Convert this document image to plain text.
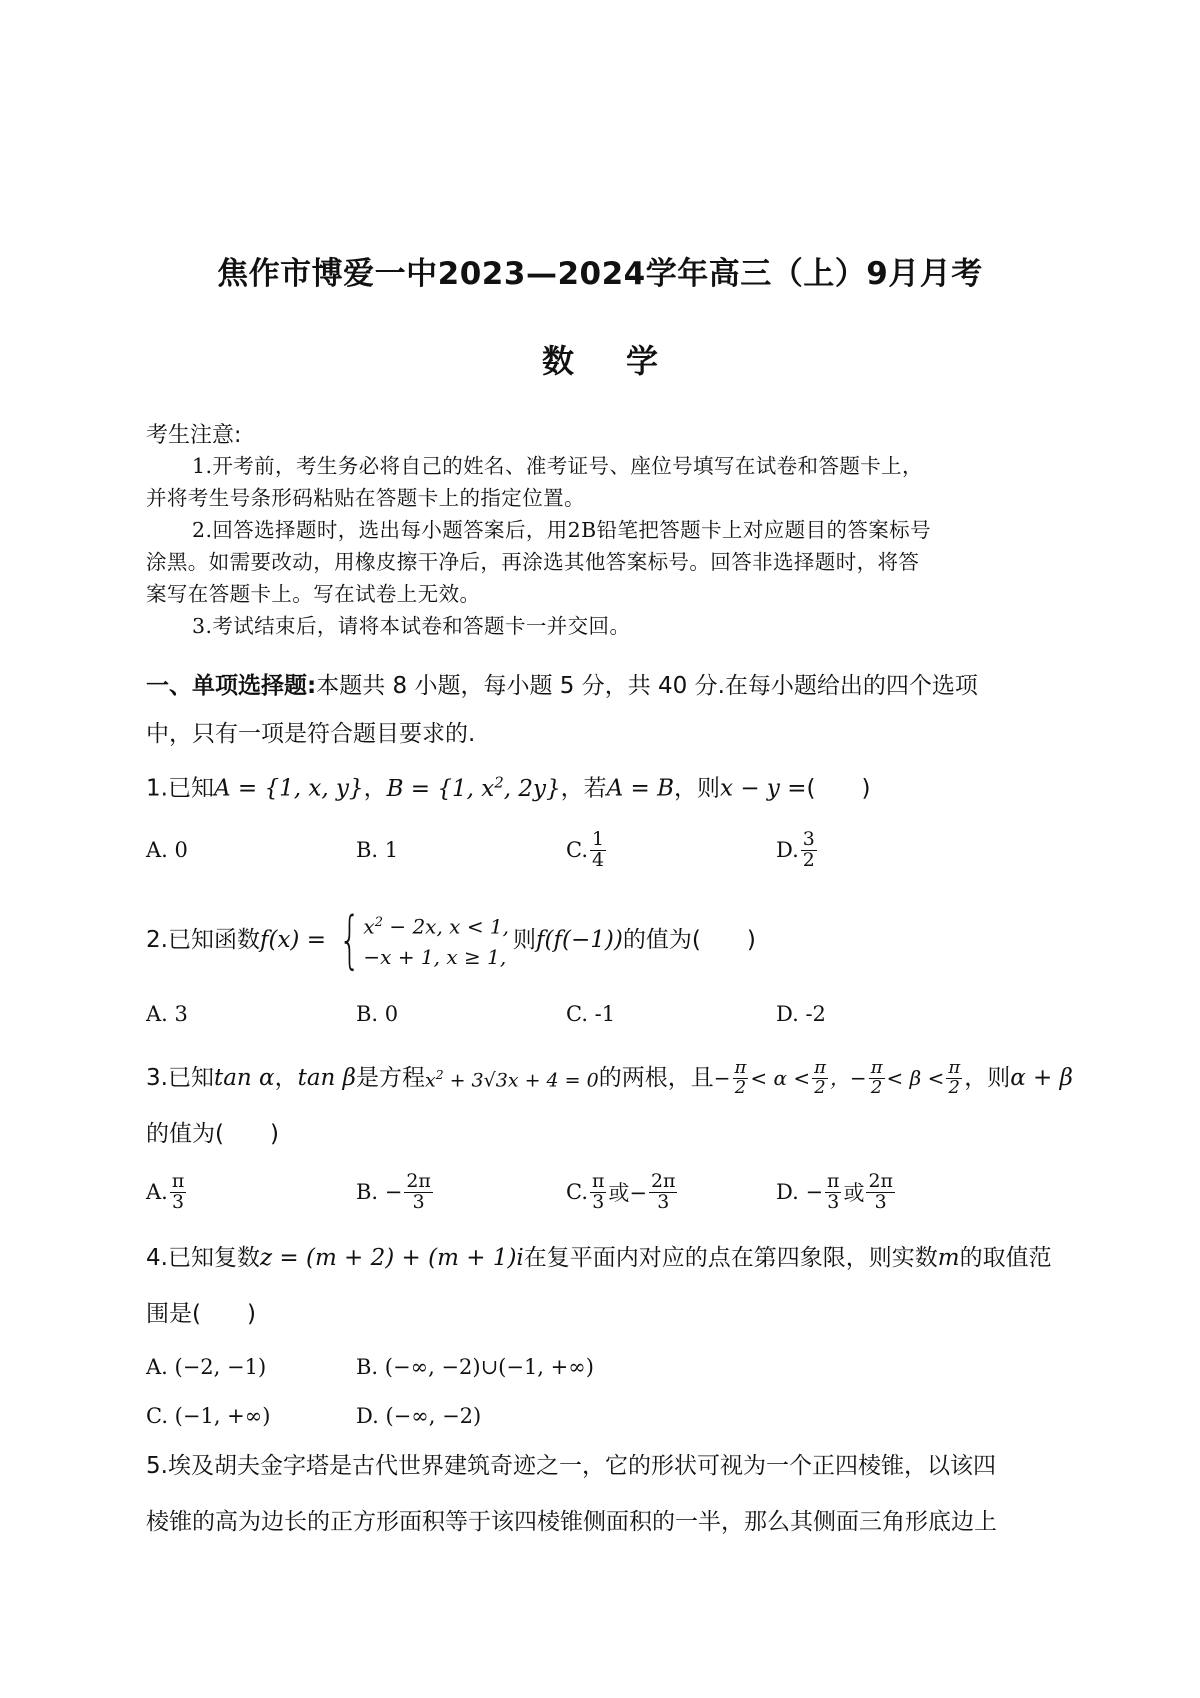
焦作市博爱一中2023—2024学年高三（上）9月月考
数学
考生注意:
1.开考前，考生务必将自己的姓名、准考证号、座位号填写在试卷和答题卡上，
并将考生号条形码粘贴在答题卡上的指定位置。
2.回答选择题时，选出每小题答案后，用2B铅笔把答题卡上对应题目的答案标号
涂黑。如需要改动，用橡皮擦干净后，再涂选其他答案标号。回答非选择题时，将答
案写在答题卡上。写在试卷上无效。
3.考试结束后，请将本试卷和答题卡一并交回。
一、单项选择题:本题共 8 小题，每小题 5 分，共 40 分.在每小题给出的四个选项
中，只有一项是符合题目要求的.
1.已知A = {1, x, y}，B = {1, $x^2$, 2y}，若A = B，则x − y =(　　)
A. 0	B. 1	C. $\frac{1}{4}$	D. $\frac{3}{2}$
2.已知函数 f(x) = { $x^2 - 2x$, x < 1,
−x + 1, x ≥ 1,
则 f(f(−1)) 的值为(　　)
A. 3	B. 0	C. -1	D. -2
3.已知 tan α ， tan β 是方程 $x^2 + 3√3x + 4 = 0$ 的两根，且 − $\frac{\pi}{2} < \alpha < \frac{\pi}{2}$ ，− $\frac{\pi}{2} < \beta < \frac{\pi}{2}$ ，则 α + β
的值为(　　)
A. $\frac{\pi}{3}$	B. − $\frac{2\pi}{3}$	C. $\frac{\pi}{3}$ 或− $\frac{2\pi}{3}$	D. − $\frac{\pi}{3}$ 或 $\frac{2\pi}{3}$
4.已知复数z = (m + 2) + (m + 1)i在复平面内对应的点在第四象限，则实数m的取值范
围是(　　)
A. (−2, −1)	B. (−∞, −2)∪(−1, +∞)
C. (−1, +∞)	D. (−∞, −2)
5.埃及胡夫金字塔是古代世界建筑奇迹之一，它的形状可视为一个正四棱锥，以该四
棱锥的高为边长的正方形面积等于该四棱锥侧面积的一半，那么其侧面三角形底边上
